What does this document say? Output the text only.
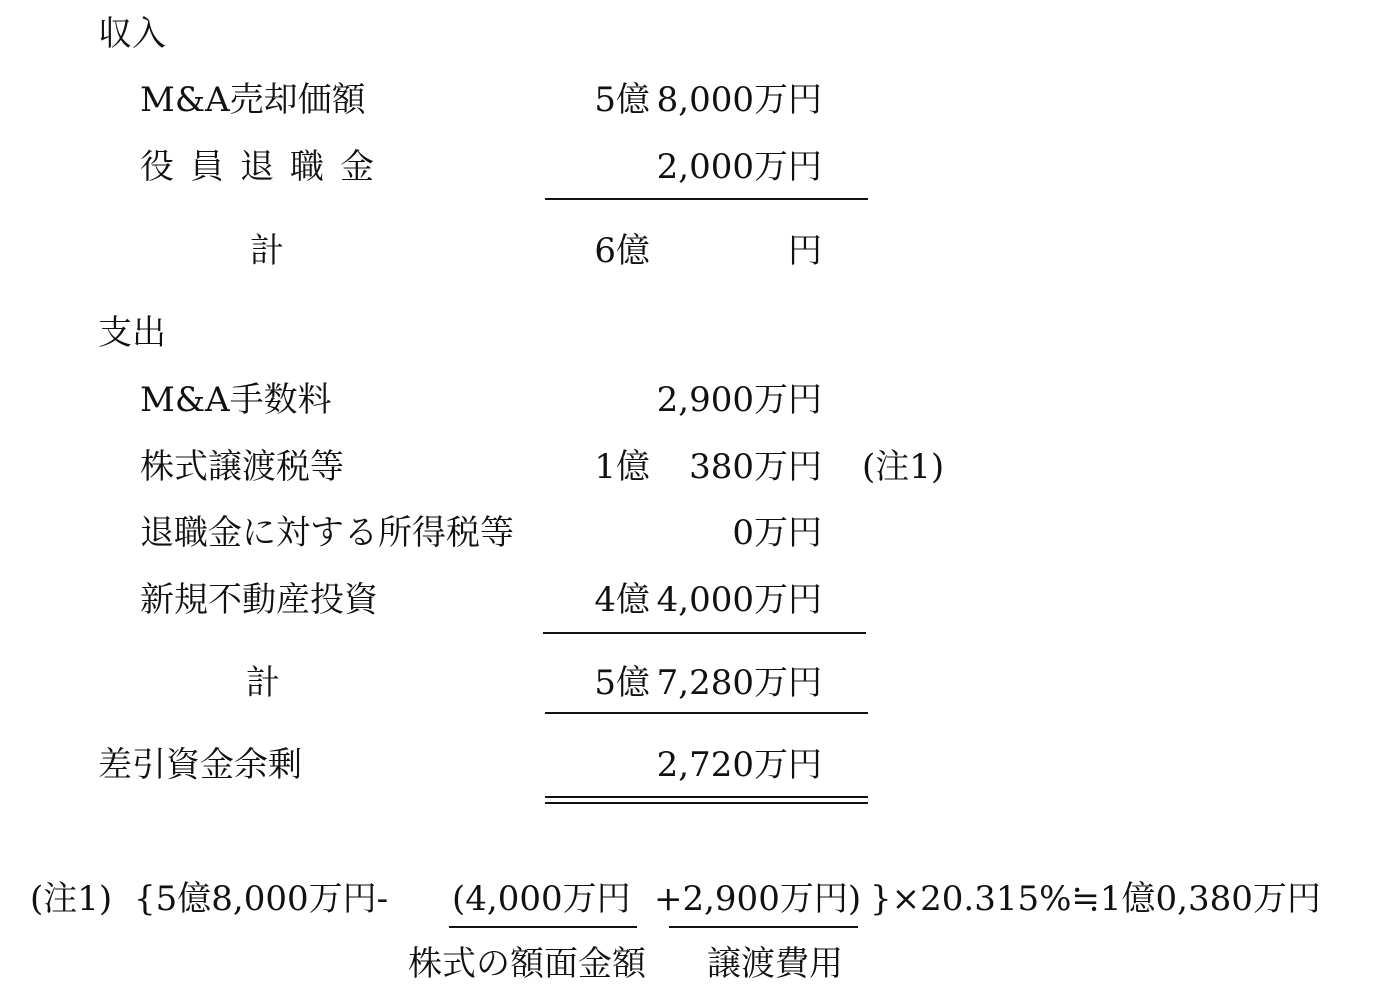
収入
M&A売却価額	5億 8,000万円
役員退職金	2,000万円
計	6億	円
支出
M&A手数料	2,900万円
株式譲渡税等	1億	380万円 (注1)
退職金に対する所得税等	0万円
新規不動産投資	4億 4,000万円
計	5億 7,280万円
差引資金余剰	2,720万円
(注1) {5億8,000万円- (4,000万円 +2,900万円) }×20.315%≒1億0,380万円
株式の額面金額 譲渡費用
